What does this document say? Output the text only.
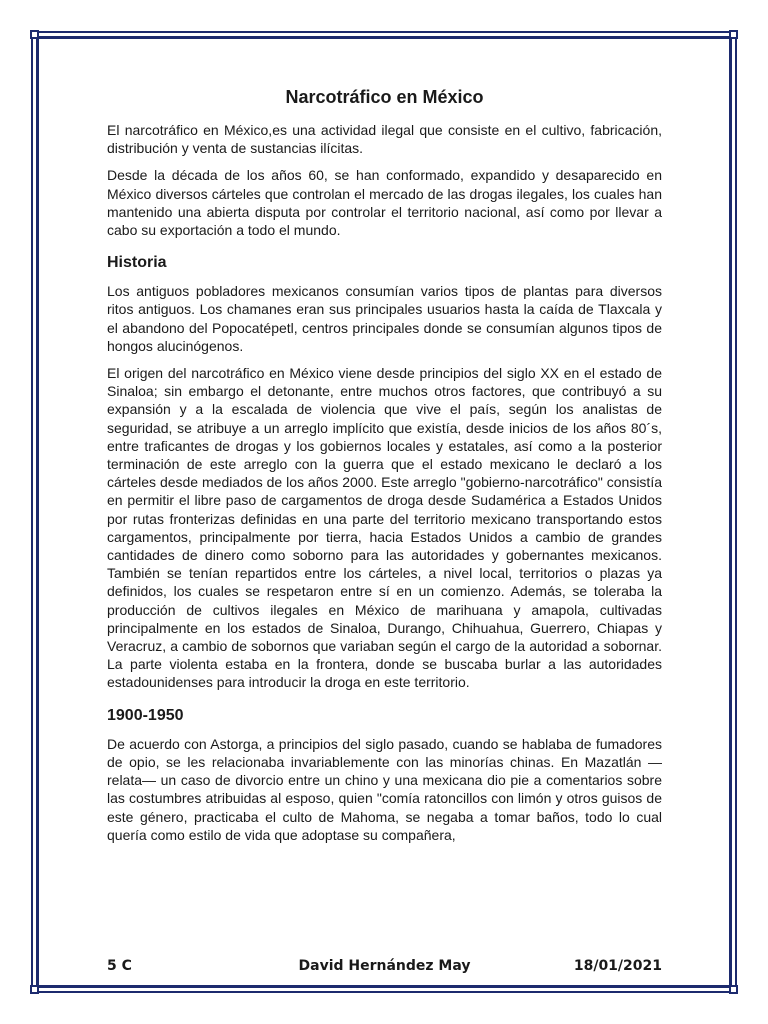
Narcotráfico en México

El narcotráfico en México,es una actividad ilegal que consiste en el cultivo, fabricación, distribución y venta de sustancias ilícitas.

Desde la década de los años 60, se han conformado, expandido y desaparecido en México diversos cárteles que controlan el mercado de las drogas ilegales, los cuales han mantenido una abierta disputa por controlar el territorio nacional, así como por llevar a cabo su exportación a todo el mundo.

Historia

Los antiguos pobladores mexicanos consumían varios tipos de plantas para diversos ritos antiguos. Los chamanes eran sus principales usuarios hasta la caída de Tlaxcala y el abandono del Popocatépetl, centros principales donde se consumían algunos tipos de hongos alucinógenos.

El origen del narcotráfico en México viene desde principios del siglo XX en el estado de Sinaloa; sin embargo el detonante, entre muchos otros factores, que contribuyó a su expansión y a la escalada de violencia que vive el país, según los analistas de seguridad, se atribuye a un arreglo implícito que existía, desde inicios de los años 80´s, entre traficantes de drogas y los gobiernos locales y estatales, así como a la posterior terminación de este arreglo con la guerra que el estado mexicano le declaró a los cárteles desde mediados de los años 2000. Este arreglo "gobierno-narcotráfico" consistía en permitir el libre paso de cargamentos de droga desde Sudamérica a Estados Unidos por rutas fronterizas definidas en una parte del territorio mexicano transportando estos cargamentos, principalmente por tierra, hacia Estados Unidos a cambio de grandes cantidades de dinero como soborno para las autoridades y gobernantes mexicanos. También se tenían repartidos entre los cárteles, a nivel local, territorios o plazas ya definidos, los cuales se respetaron entre sí en un comienzo. Además, se toleraba la producción de cultivos ilegales en México de marihuana y amapola, cultivadas principalmente en los estados de Sinaloa, Durango, Chihuahua, Guerrero, Chiapas y Veracruz, a cambio de sobornos que variaban según el cargo de la autoridad a sobornar. La parte violenta estaba en la frontera, donde se buscaba burlar a las autoridades estadounidenses para introducir la droga en este territorio.

1900-1950

De acuerdo con Astorga, a principios del siglo pasado, cuando se hablaba de fumadores de opio, se les relacionaba invariablemente con las minorías chinas. En Mazatlán —relata— un caso de divorcio entre un chino y una mexicana dio pie a comentarios sobre las costumbres atribuidas al esposo, quien "comía ratoncillos con limón y otros guisos de este género, practicaba el culto de Mahoma, se negaba a tomar baños, todo lo cual quería como estilo de vida que adoptase su compañera,

5 C	David Hernández May	18/01/2021
